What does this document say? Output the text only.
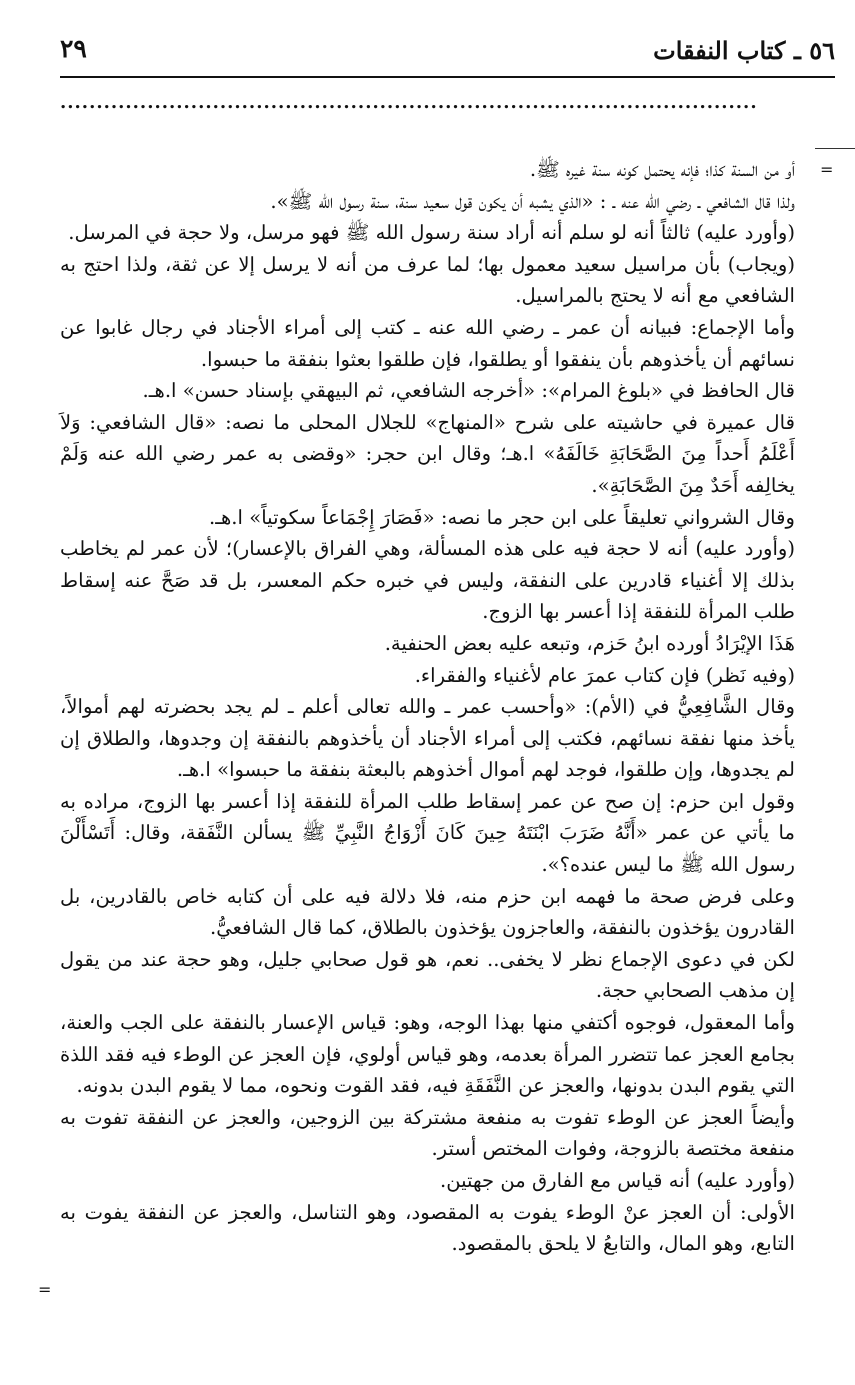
٥٦ ـ كتاب النفقات
٢٩
................................................................................................
=
=

أو من السنة كذا؛ فإنه يحتمل كونه سنة غيره ﷺ.

ولذا قال الشافعي ـ رضي الله عنه ـ : «الذي يشبه أن يكون قول سعيد سنة، سنة رسول الله ﷺ».

(وأورد عليه) ثالثاً أنه لو سلم أنه أراد سنة رسول الله ﷺ فهو مرسل، ولا حجة في المرسل.

(ويجاب) بأن مراسيل سعيد معمول بها؛ لما عرف من أنه لا يرسل إلا عن ثقة، ولذا احتج به الشافعي مع أنه لا يحتج بالمراسيل.

وأما الإجماع: فبيانه أن عمر ـ رضي الله عنه ـ كتب إلى أمراء الأجناد في رجال غابوا عن نسائهم أن يأخذوهم بأن ينفقوا أو يطلقوا، فإن طلقوا بعثوا بنفقة ما حبسوا.

قال الحافظ في «بلوغ المرام»: «أخرجه الشافعي، ثم البيهقي بإسناد حسن» ا.هـ.

قال عميرة في حاشيته على شرح «المنهاج» للجلال المحلى ما نصه: «قال الشافعي: وَلاَ أَعْلَمُ أَحداً مِنَ الصَّحَابَةِ خَالَفَهُ» ا.هـ؛ وقال ابن حجر: «وقضى به عمر رضي الله عنه وَلَمْ يخالِفه أَحَدٌ مِنَ الصَّحَابَةِ».

وقال الشرواني تعليقاً على ابن حجر ما نصه: «فَصَارَ إِجْمَاعاً سكوتياً» ا.هـ.

(وأورد عليه) أنه لا حجة فيه على هذه المسألة، وهي الفراق بالإعسار)؛ لأن عمر لم يخاطب بذلك إلا أغنياء قادرين على النفقة، وليس في خبره حكم المعسر، بل قد صَحَّ عنه إسقاط طلب المرأة للنفقة إذا أعسر بها الزوج.

هَذَا الإيْرَادُ أورده ابنُ حَزم، وتبعه عليه بعض الحنفية.

(وفيه نَظر) فإن كتاب عمرَ عام لأغنياء والفقراء.

وقال الشَّافِعِيُّ في (الأم): «وأحسب عمر ـ والله تعالى أعلم ـ لم يجد بحضرته لهم أموالاً، يأخذ منها نفقة نسائهم، فكتب إلى أمراء الأجناد أن يأخذوهم بالنفقة إن وجدوها، والطلاق إن لم يجدوها، وإن طلقوا، فوجد لهم أموال أخذوهم بالبعثة بنفقة ما حبسوا» ا.هـ.

وقول ابن حزم: إن صح عن عمر إسقاط طلب المرأة للنفقة إذا أعسر بها الزوج، مراده به ما يأتي عن عمر «أَنَّهُ ضَرَبَ ابْنَتَهُ حِينَ كَانَ أَزْوَاجُ النَّبِيِّ ﷺ يسألن النَّفَقة، وقال: أَتَسْأَلْنَ رسول الله ﷺ ما ليس عنده؟».

وعلى فرض صحة ما فهمه ابن حزم منه، فلا دلالة فيه على أن كتابه خاص بالقادرين، بل القادرون يؤخذون بالنفقة، والعاجزون يؤخذون بالطلاق، كما قال الشافعيُّ.

لكن في دعوى الإجماع نظر لا يخفى.. نعم، هو قول صحابي جليل، وهو حجة عند من يقول إن مذهب الصحابي حجة.

وأما المعقول، فوجوه أكتفي منها بهذا الوجه، وهو: قياس الإعسار بالنفقة على الجب والعنة، بجامع العجز عما تتضرر المرأة بعدمه، وهو قياس أولوي، فإن العجز عن الوطء فيه فقد اللذة التي يقوم البدن بدونها، والعجز عن النَّفَقَةِ فيه، فقد القوت ونحوه، مما لا يقوم البدن بدونه.

وأيضاً العجز عن الوطء تفوت به منفعة مشتركة بين الزوجين، والعجز عن النفقة تفوت به منفعة مختصة بالزوجة، وفوات المختص أستر.

(وأورد عليه) أنه قياس مع الفارق من جهتين.

الأولى: أن العجز عنْ الوطء يفوت به المقصود، وهو التناسل، والعجز عن النفقة يفوت به التابع، وهو المال، والتابعُ لا يلحق بالمقصود.
